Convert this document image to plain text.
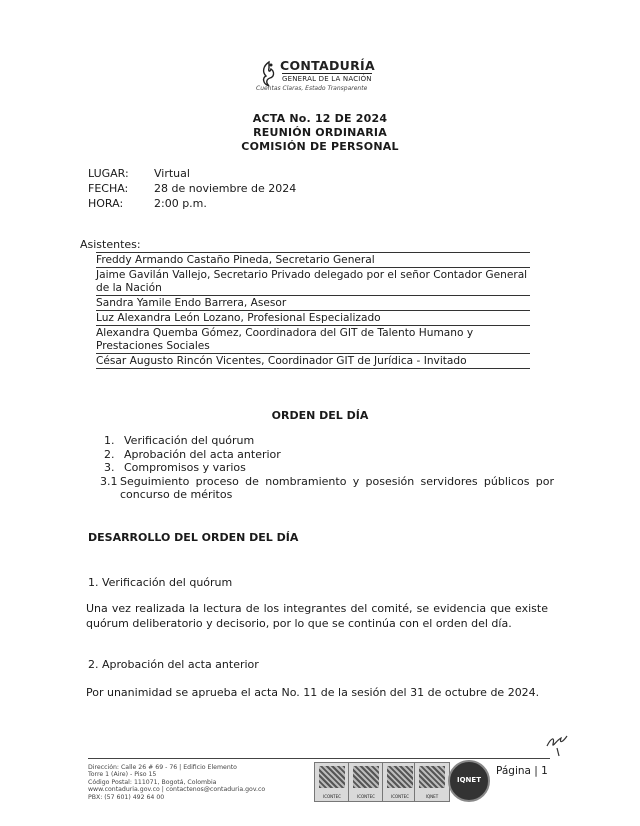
CONTADURÍA
GENERAL DE LA NACIÓN
Cuentas Claras, Estado Transparente
ACTA No. 12 DE 2024
REUNIÓN ORDINARIA
COMISIÓN DE PERSONAL
LUGAR: Virtual
FECHA: 28 de noviembre de 2024
HORA:	2:00 p.m.
Asistentes:
Freddy Armando Castaño Pineda, Secretario General
Jaime Gavilán Vallejo, Secretario Privado delegado por el señor Contador General de la Nación
Sandra Yamile Endo Barrera, Asesor
Luz Alexandra León Lozano, Profesional Especializado
Alexandra Quemba Gómez, Coordinadora del GIT de Talento Humano y Prestaciones Sociales
César Augusto Rincón Vicentes, Coordinador GIT de Jurídica - Invitado
ORDEN DEL DÍA
1. Verificación del quórum
2. Aprobación del acta anterior
3. Compromisos y varios
3.1 Seguimiento proceso de nombramiento y posesión servidores públicos por concurso de méritos
DESARROLLO DEL ORDEN DEL DÍA
1. Verificación del quórum
Una vez realizada la lectura de los integrantes del comité, se evidencia que existe quórum deliberatorio y decisorio, por lo que se continúa con el orden del día.
2. Aprobación del acta anterior
Por unanimidad se aprueba el acta No. 11 de la sesión del 31 de octubre de 2024.
Dirección: Calle 26 # 69 - 76 | Edificio Elemento
Torre 1 (Aire) - Piso 15
Código Postal: 111071, Bogotá, Colombia
www.contaduria.gov.co | contactenos@contaduria.gov.co
PBX: (57 601) 492 64 00	ICONTEC	ICONTEC	ICONTEC	IQNET
IQNET
Página | 1
